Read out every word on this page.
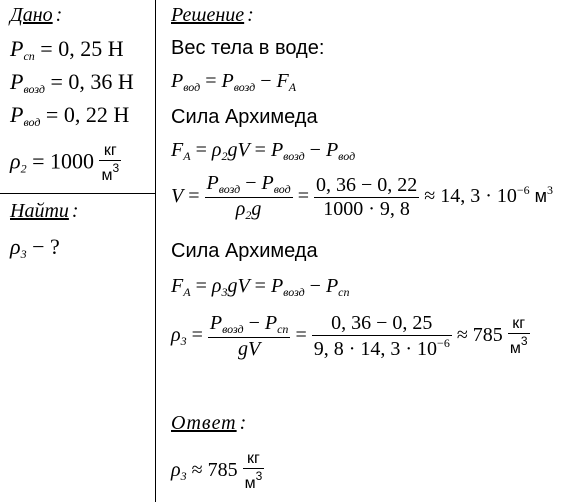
Дано :
$P_{сп} = 0$, 25 Н
$P_{возд} = 0$, 36 Н
$P_{вод} = 0$, 22 Н
$\rho_2 = 1000 \frac{кг}{м^3}$
Найти :
$\rho_3$ − ?
Решение :
Вес тела в воде:
$P_{вод} = P_{возд} - F_A$
Сила Архимеда
$F_A = \rho_2gV = P_{возд} - P_{вод}$
$V = \frac{P_{возд} - P_{вод}}{\rho_2g} = \frac{0, 36 - 0, 22}{1000 \cdot 9, 8} \approx 14$, $3 \cdot 10^{-6}$ $м^3$
Сила Архимеда
$F_A = \rho_3gV = P_{возд} - P_{сп}$
$\rho_3 = \frac{P_{возд} - P_{сп}}{gV} = \frac{0, 36 - 0, 25}{9, 8 \cdot 14, 3 \cdot 10^{-6}} \approx 785 \frac{кг}{м^3}$
Ответ :
$\rho_3 \approx 785 \frac{кг}{м^3}$
